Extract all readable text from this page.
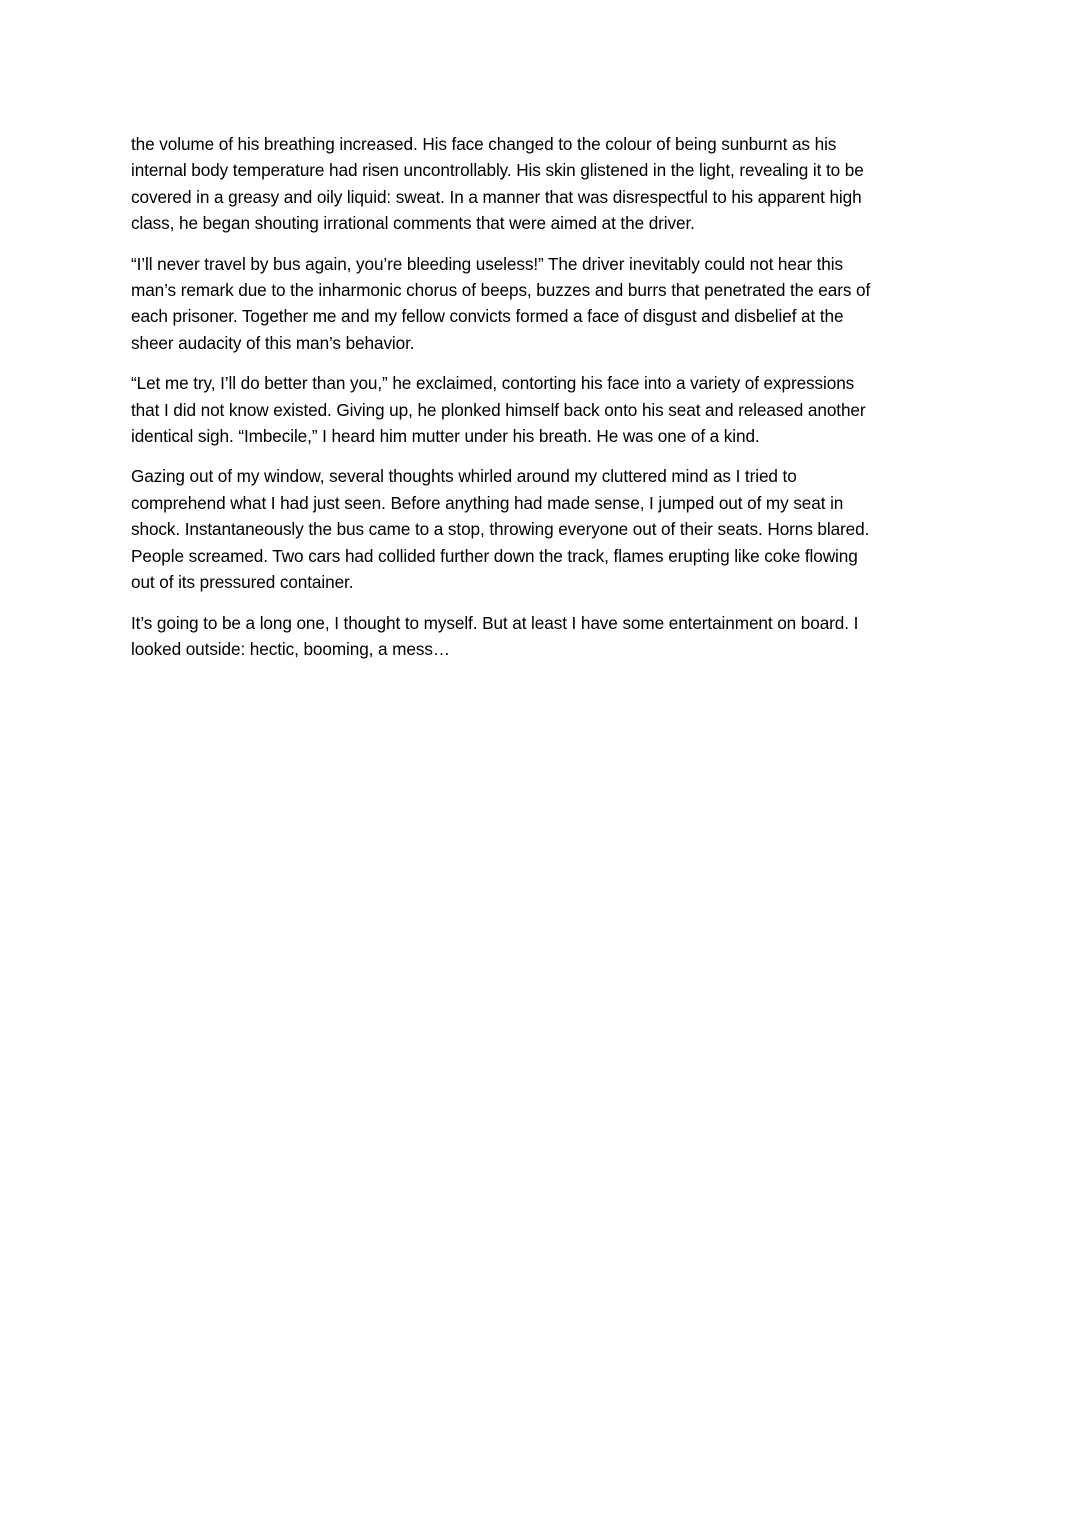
the volume of his breathing increased. His face changed to the colour of being sunburnt as his
internal body temperature had risen uncontrollably. His skin glistened in the light, revealing it to be
covered in a greasy and oily liquid: sweat. In a manner that was disrespectful to his apparent high
class, he began shouting irrational comments that were aimed at the driver.

“I’ll never travel by bus again, you’re bleeding useless!” The driver inevitably could not hear this
man’s remark due to the inharmonic chorus of beeps, buzzes and burrs that penetrated the ears of
each prisoner. Together me and my fellow convicts formed a face of disgust and disbelief at the
sheer audacity of this man’s behavior.

“Let me try, I’ll do better than you,” he exclaimed, contorting his face into a variety of expressions
that I did not know existed. Giving up, he plonked himself back onto his seat and released another
identical sigh. “Imbecile,” I heard him mutter under his breath. He was one of a kind.

Gazing out of my window, several thoughts whirled around my cluttered mind as I tried to
comprehend what I had just seen. Before anything had made sense, I jumped out of my seat in
shock. Instantaneously the bus came to a stop, throwing everyone out of their seats. Horns blared.
People screamed. Two cars had collided further down the track, flames erupting like coke flowing
out of its pressured container.

It’s going to be a long one, I thought to myself. But at least I have some entertainment on board. I
looked outside: hectic, booming, a mess…
